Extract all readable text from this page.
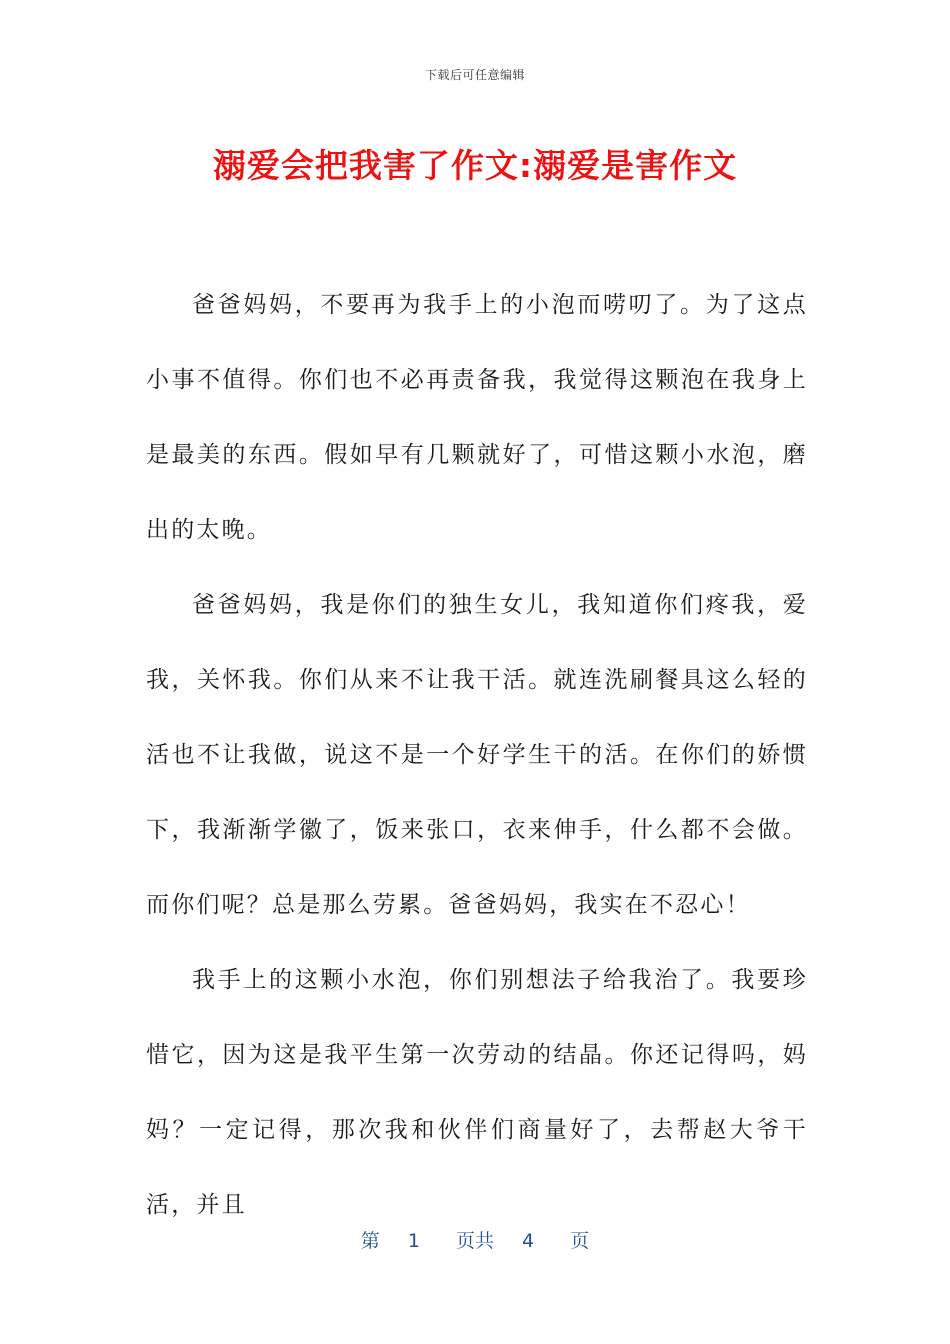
下载后可任意编辑
溺爱会把我害了作文:溺爱是害作文

爸爸妈妈，不要再为我手上的小泡而唠叨了。为了这点小事不值得。你们也不必再责备我，我觉得这颗泡在我身上是最美的东西。假如早有几颗就好了，可惜这颗小水泡，磨出的太晚。

爸爸妈妈，我是你们的独生女儿，我知道你们疼我，爱我，关怀我。你们从来不让我干活。就连洗刷餐具这么轻的活也不让我做，说这不是一个好学生干的活。在你们的娇惯下，我渐渐学徽了，饭来张口，衣来伸手，什么都不会做。而你们呢？总是那么劳累。爸爸妈妈，我实在不忍心！

我手上的这颗小水泡，你们别想法子给我治了。我要珍惜它，因为这是我平生第一次劳动的结晶。你还记得吗，妈妈？一定记得，那次我和伙伴们商量好了，去帮赵大爷干活，并且

第 1 页共 4 页
